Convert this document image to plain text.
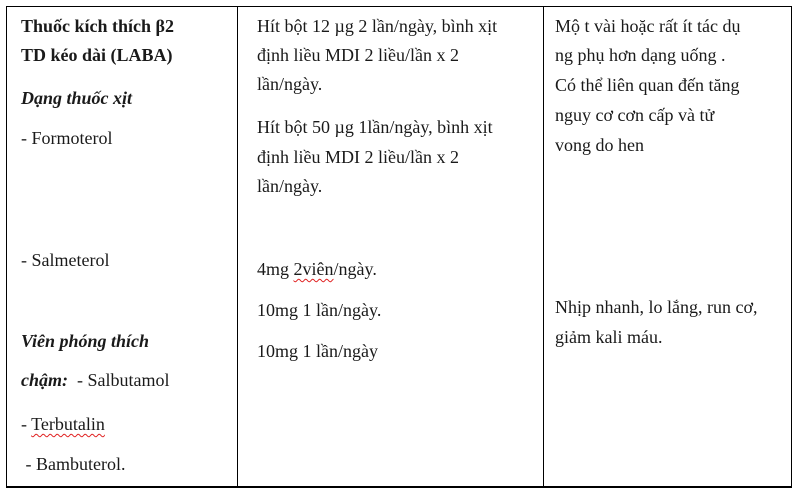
Thuốc kích thích β2

TD kéo dài (LABA)

Dạng thuốc xịt

- Formoterol

- Salmeterol

Viên phóng thích

chậm:  - Salbutamol

- Terbutalin

- Bambuterol.

Hít bột 12 µg 2 lần/ngày, bình xịt

định liều MDI 2 liều/lần x 2

lần/ngày.

Hít bột 50 µg 1lần/ngày, bình xịt

định liều MDI 2 liều/lần x 2

lần/ngày.

4mg 2viên/ngày.

10mg 1 lần/ngày.

10mg 1 lần/ngày

Mộ t vài hoặc rất ít tác dụ

ng phụ hơn dạng uống .

Có thể liên quan đến tăng

nguy cơ cơn cấp và tử

vong do hen

Nhịp nhanh, lo lắng, run cơ,

giảm kali máu.
